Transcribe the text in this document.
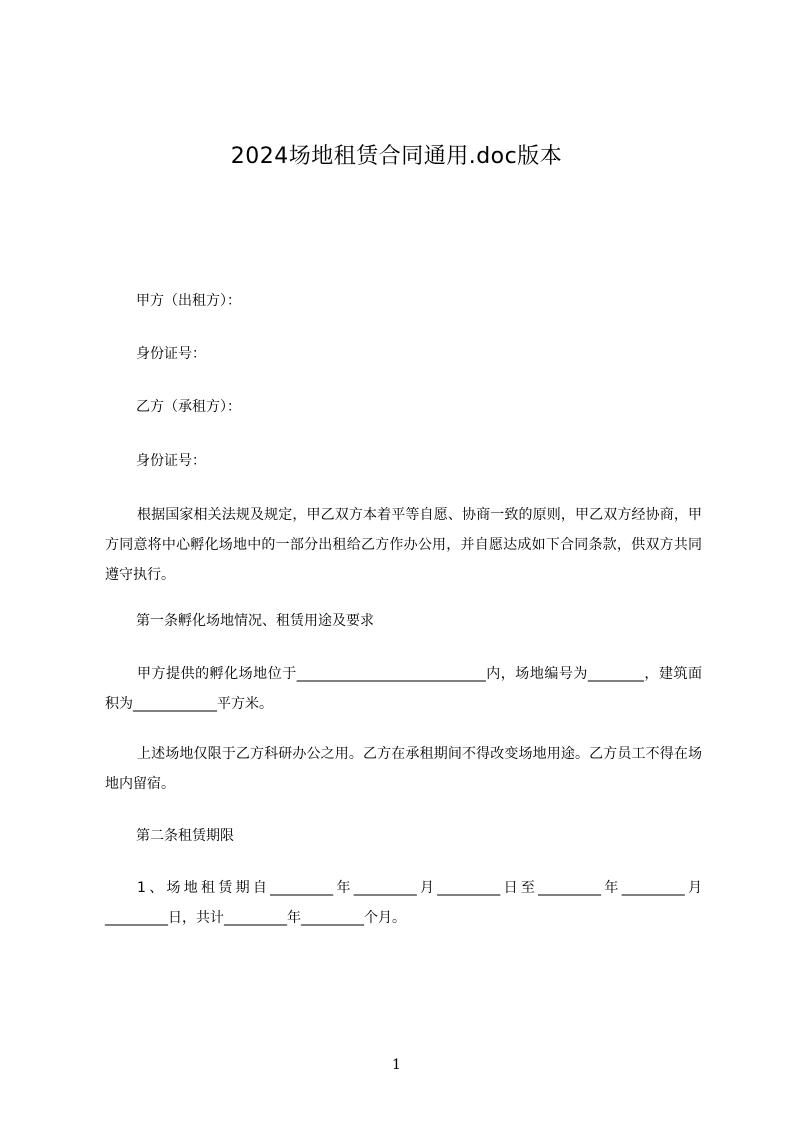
2024场地租赁合同通用.doc版本
甲方（出租方）：
身份证号：
乙方（承租方）：
身份证号：
根据国家相关法规及规定，甲乙双方本着平等自愿、协商一致的原则，甲乙双方经协商，甲方同意将中心孵化场地中的一部分出租给乙方作办公用，并自愿达成如下合同条款，供双方共同遵守执行。
第一条孵化场地情况、租赁用途及要求
甲方提供的孵化场地位于___________________________内，场地编号为________，建筑面积为____________平方米。
上述场地仅限于乙方科研办公之用。乙方在承租期间不得改变场地用途。乙方员工不得在场地内留宿。
第二条租赁期限
1、场地租赁期自_________年_________月_________日至_________年_________月_________日，共计_________年_________个月。
1
